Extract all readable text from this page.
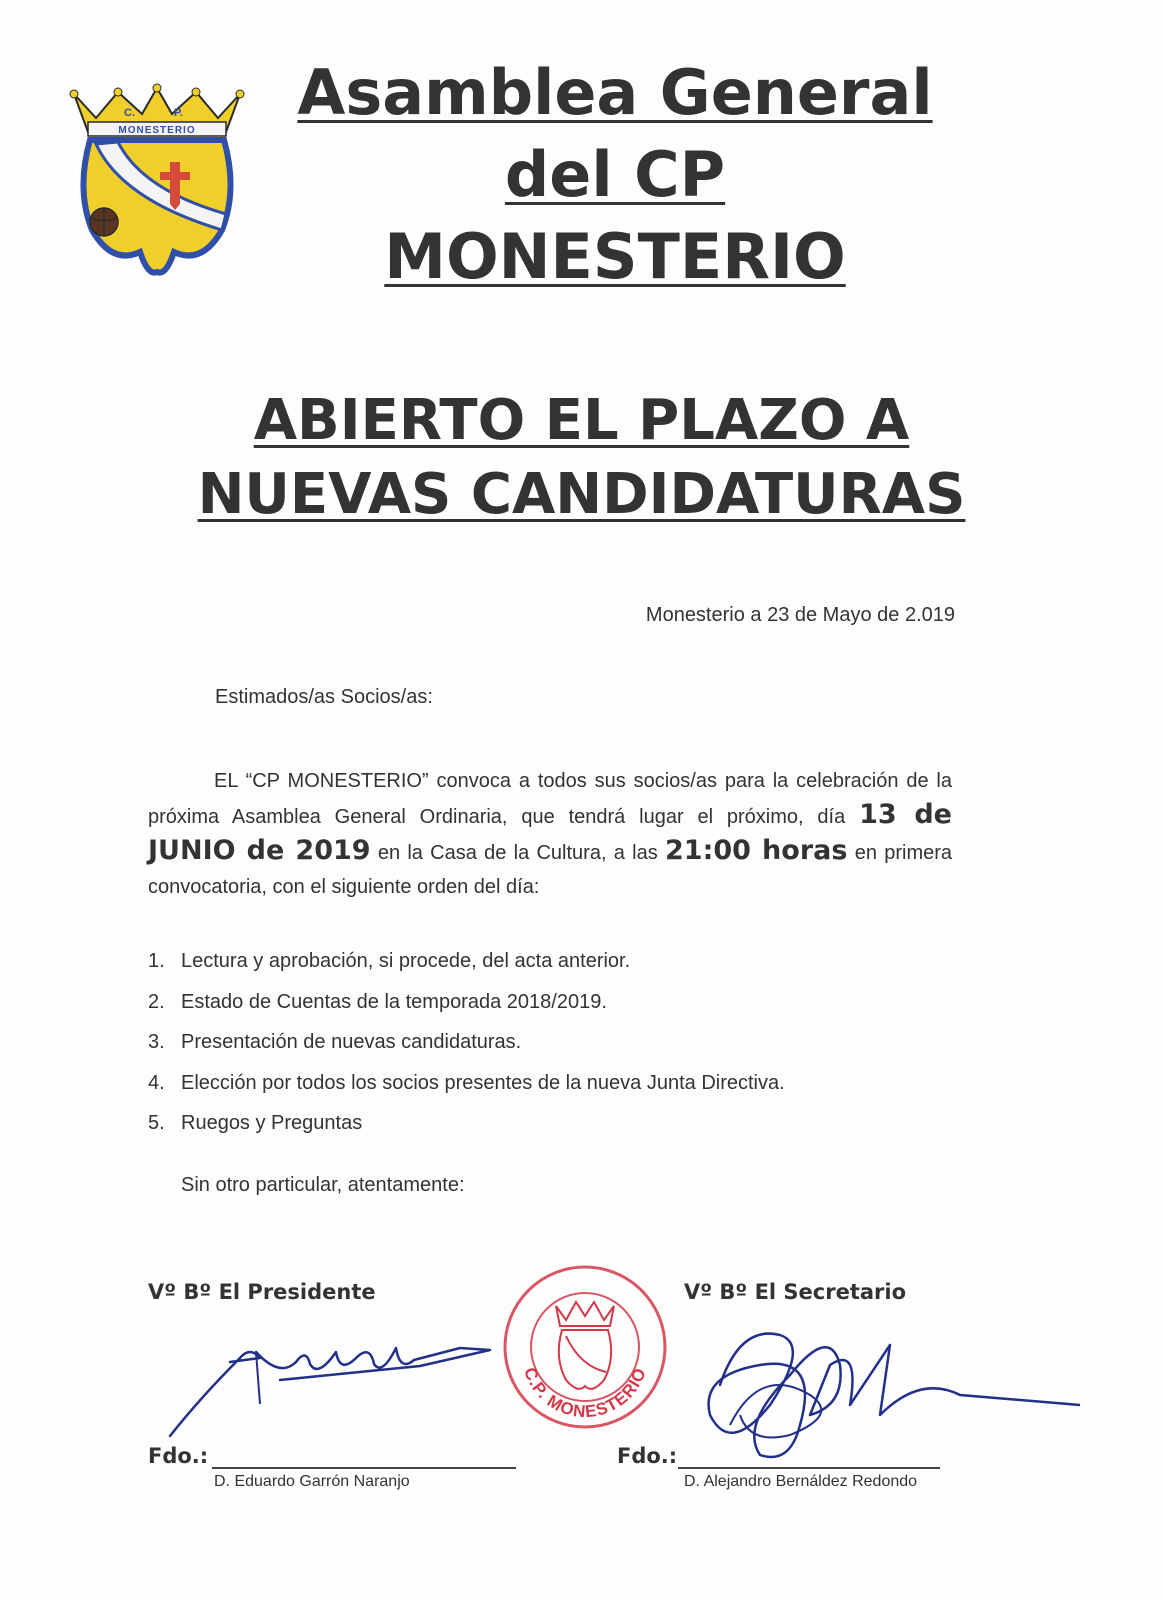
C.	P.
MONESTERIO
Asamblea General
del CP
MONESTERIO
ABIERTO EL PLAZO A
NUEVAS CANDIDATURAS
Monesterio a 23 de Mayo de 2.019
Estimados/as Socios/as:
EL “CP MONESTERIO” convoca a todos sus socios/as para la celebración de la próxima Asamblea General Ordinaria, que tendrá lugar el próximo, día 13 de JUNIO de 2019 en la Casa de la Cultura, a las 21:00 horas en primera convocatoria, con el siguiente orden del día:
1. Lectura y aprobación, si procede, del acta anterior.
2. Estado de Cuentas de la temporada 2018/2019.
3. Presentación de nuevas candidaturas.
4. Elección por todos los socios presentes de la nueva Junta Directiva.
5. Ruegos y Preguntas
Sin otro particular, atentamente:
Vº Bº El Presidente	Vº Bº El Secretario
C.P. MONESTERIO
Fdo.:
D. Eduardo Garrón Naranjo
Fdo.:
D. Alejandro Bernáldez Redondo
